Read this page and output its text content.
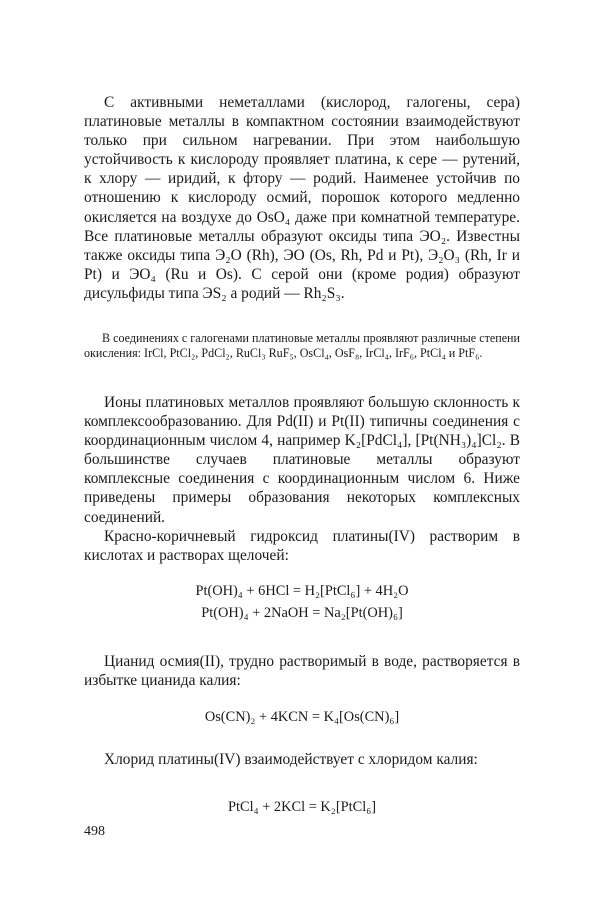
С активными неметаллами (кислород, галогены, сера) платиновые металлы в компактном состоянии взаимодействуют только при сильном нагревании. При этом наибольшую устойчивость к кислороду проявляет платина, к сере — рутений, к хлору — иридий, к фтору — родий. Наименее устойчив по отношению к кислороду осмий, порошок которого медленно окисляется на воздухе до OsO₄ даже при комнатной температуре. Все платиновые металлы образуют оксиды типа ЭO₂. Известны также оксиды типа Э₂O (Rh), ЭO (Os, Rh, Pd и Pt), Э₂O₃ (Rh, Ir и Pt) и ЭO₄ (Ru и Os). С серой они (кроме родия) образуют дисульфиды типа ЭS₂ а родий — Rh₂S₃.

В соединениях с галогенами платиновые металлы проявляют различные степени окисления: IrCl, PtCl₂, PdCl₂, RuCl₃ RuF₅, OsCl₄, OsF₈, IrCl₄, IrF₆, PtCl₄ и PtF₆.

Ионы платиновых металлов проявляют большую склонность к комплексообразованию. Для Pd(II) и Pt(II) типичны соединения с координационным числом 4, например K₂[PdCl₄], [Pt(NH₃)₄]Cl₂. В большинстве случаев платиновые металлы образуют комплексные соединения с координационным числом 6. Ниже приведены примеры образования некоторых комплексных соединений.

Красно-коричневый гидроксид платины(IV) растворим в кислотах и растворах щелочей:

Pt(OH)₄ + 6HCl = H₂[PtCl₆] + 4H₂O
Pt(OH)₄ + 2NaOH = Na₂[Pt(OH)₆]

Цианид осмия(II), трудно растворимый в воде, растворяется в избытке цианида калия:

Os(CN)₂ + 4KCN = K₄[Os(CN)₆]

Хлорид платины(IV) взаимодействует с хлоридом калия:

PtCl₄ + 2KCl = K₂[PtCl₆]
498
